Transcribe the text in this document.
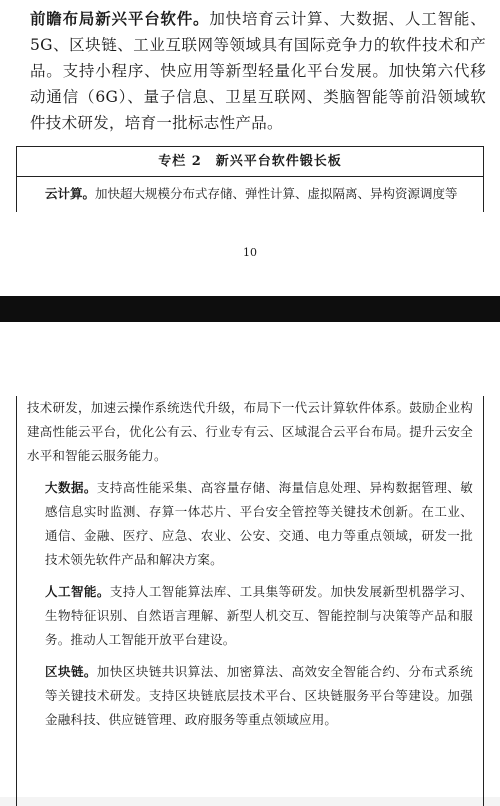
前瞻布局新兴平台软件。加快培育云计算、大数据、人工智能、5G、区块链、工业互联网等领域具有国际竞争力的软件技术和产品。支持小程序、快应用等新型轻量化平台发展。加快第六代移动通信（6G）、量子信息、卫星互联网、类脑智能等前沿领域软件技术研发，培育一批标志性产品。

专栏 2　新兴平台软件锻长板
云计算。加快超大规模分布式存储、弹性计算、虚拟隔离、异构资源调度等
10

技术研发，加速云操作系统迭代升级，布局下一代云计算软件体系。鼓励企业构建高性能云平台，优化公有云、行业专有云、区域混合云平台布局。提升云安全水平和智能云服务能力。

大数据。支持高性能采集、高容量存储、海量信息处理、异构数据管理、敏感信息实时监测、存算一体芯片、平台安全管控等关键技术创新。在工业、通信、金融、医疗、应急、农业、公安、交通、电力等重点领域，研发一批技术领先软件产品和解决方案。

人工智能。支持人工智能算法库、工具集等研发。加快发展新型机器学习、生物特征识别、自然语言理解、新型人机交互、智能控制与决策等产品和服务。推动人工智能开放平台建设。

区块链。加快区块链共识算法、加密算法、高效安全智能合约、分布式系统等关键技术研发。支持区块链底层技术平台、区块链服务平台等建设。加强金融科技、供应链管理、政府服务等重点领域应用。
